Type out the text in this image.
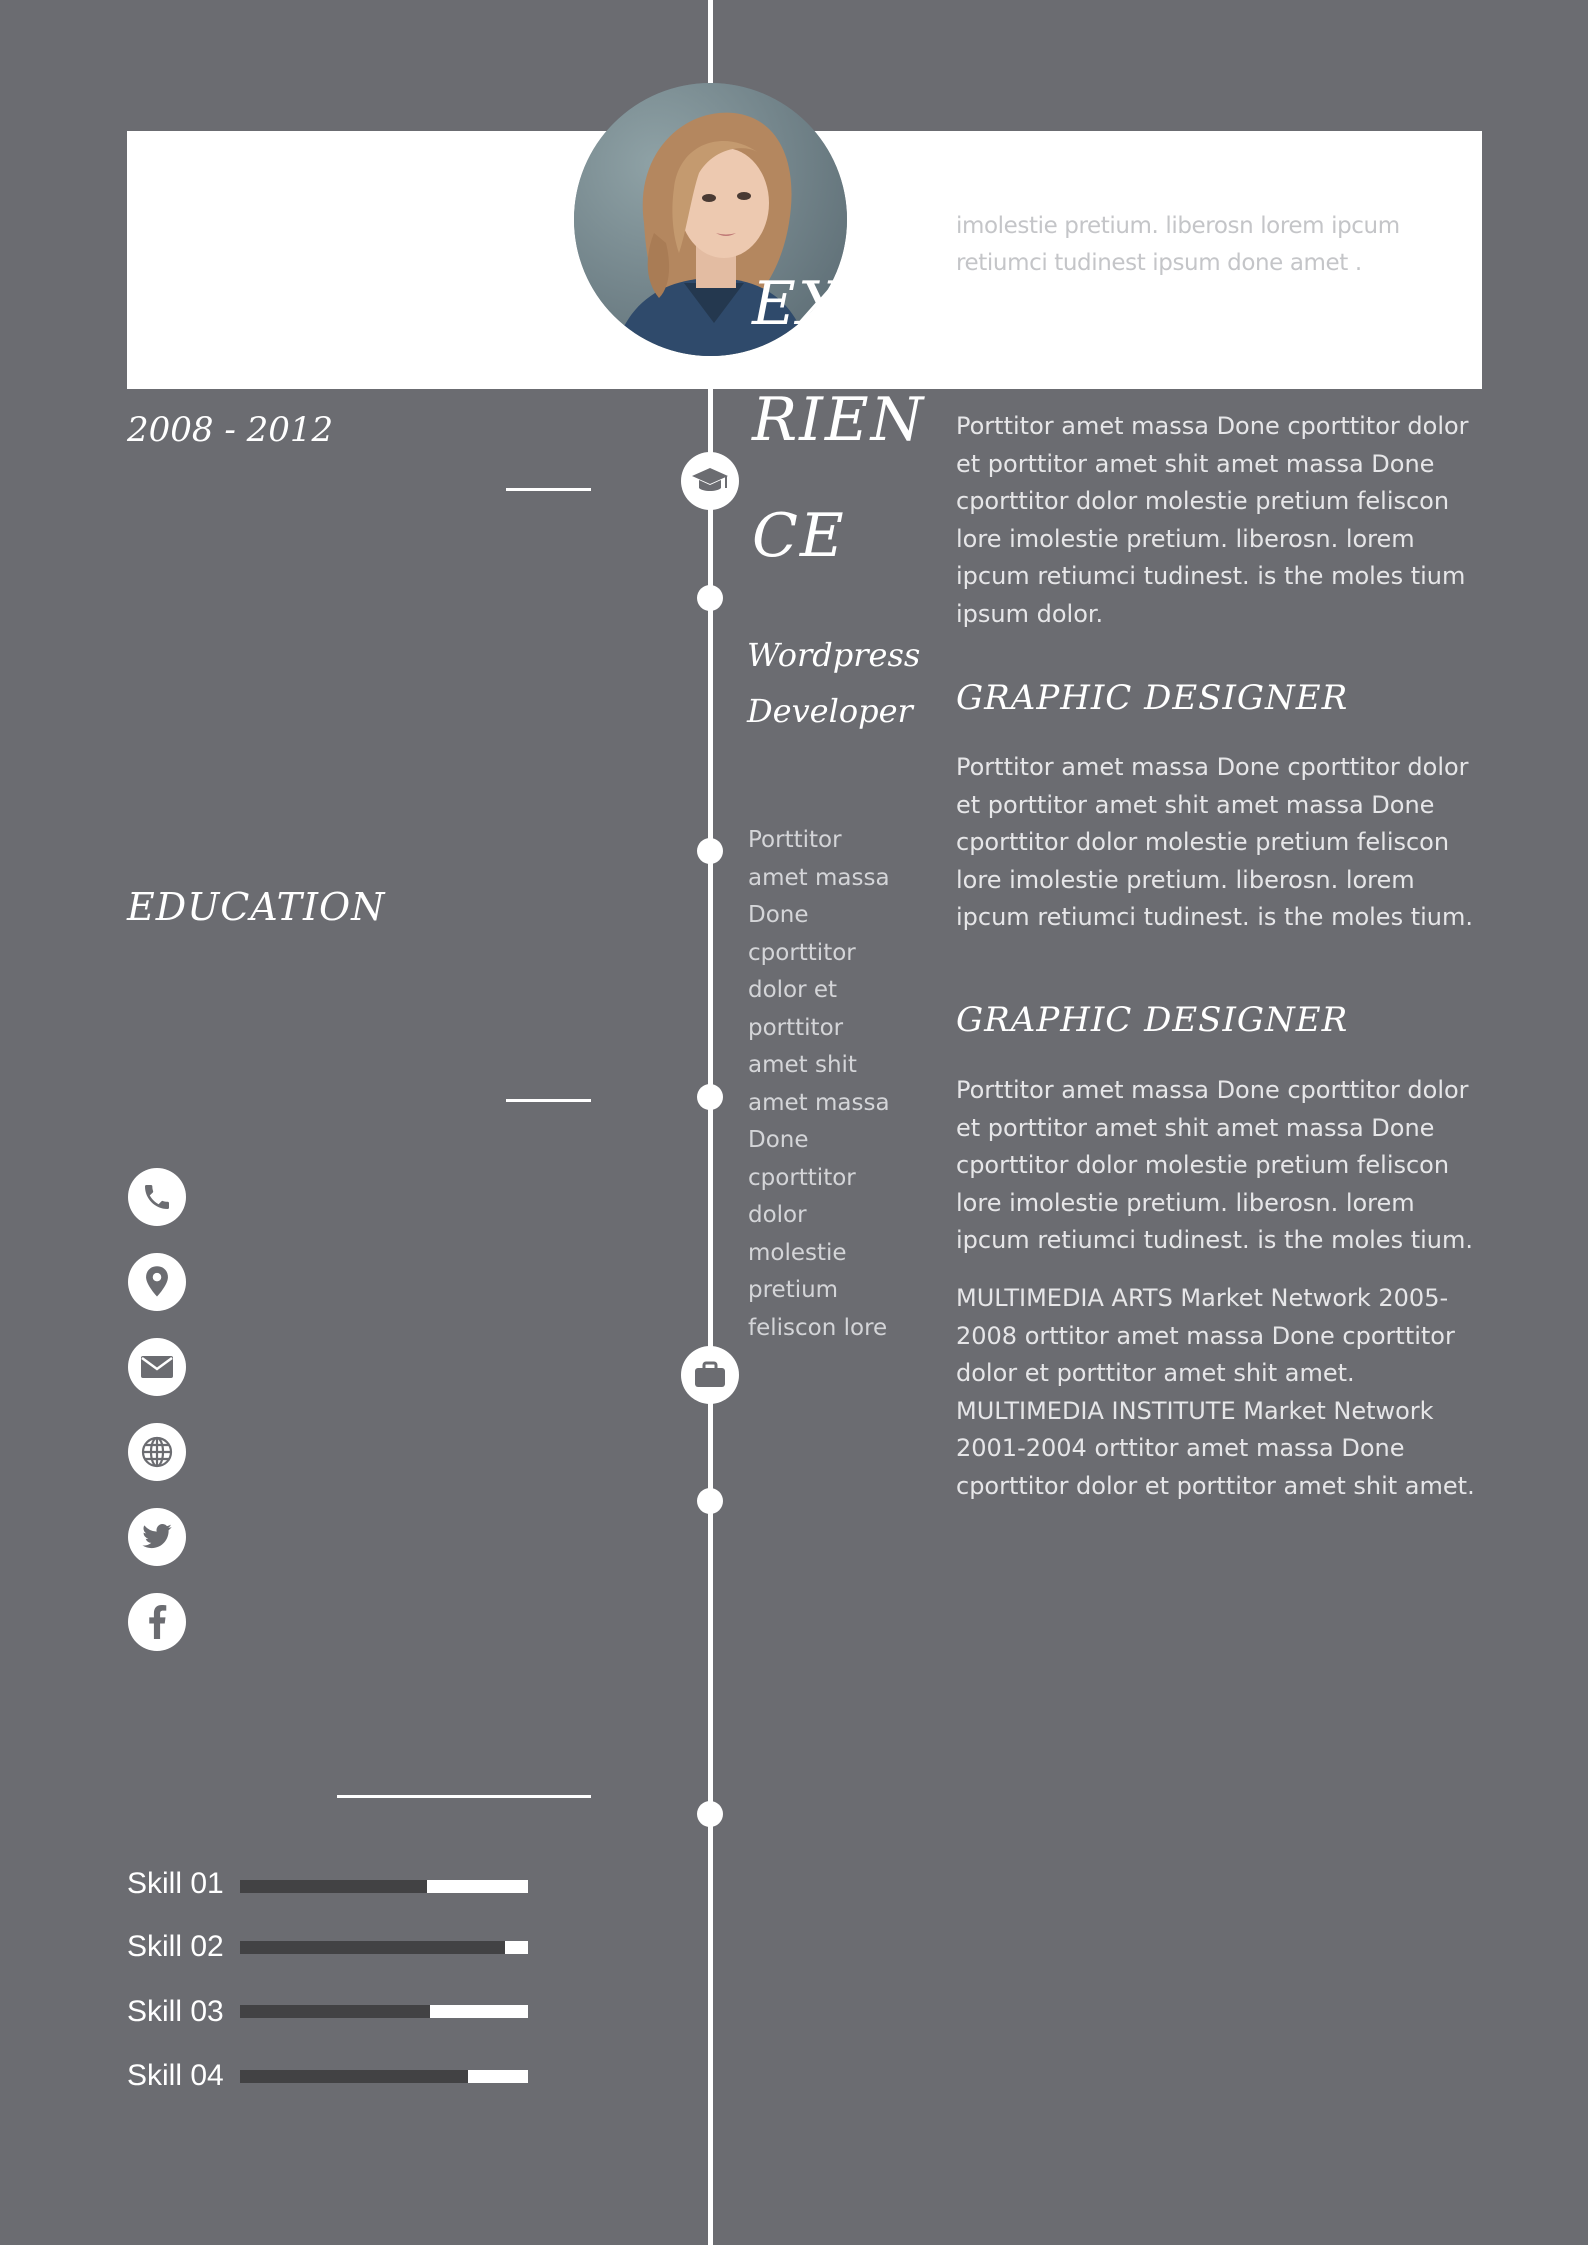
imolestie pretium. liberosn lorem ipcum retiumci tudinest ipsum done amet .
EXPERIENCE
Wordpress Developer
Porttitor amet massa Done cporttitor dolor et porttitor amet shit amet massa Done cporttitor dolor molestie pretium feliscon lore
Porttitor amet massa Done cporttitor dolor et porttitor amet shit amet massa Done cporttitor dolor molestie pretium feliscon lore imolestie pretium. liberosn. lorem ipcum retiumci tudinest. is the moles tium ipsum dolor.
GRAPHIC DESIGNER
Porttitor amet massa Done cporttitor dolor et porttitor amet shit amet massa Done cporttitor dolor molestie pretium feliscon lore imolestie pretium. liberosn. lorem ipcum retiumci tudinest. is the moles tium.
GRAPHIC DESIGNER
Porttitor amet massa Done cporttitor dolor et porttitor amet shit amet massa Done cporttitor dolor molestie pretium feliscon lore imolestie pretium. liberosn. lorem ipcum retiumci tudinest. is the moles tium.
MULTIMEDIA ARTS Market Network 2005-2008 orttitor amet massa Done cporttitor dolor et porttitor amet shit amet. MULTIMEDIA INSTITUTE Market Network 2001-2004 orttitor amet massa Done cporttitor dolor et porttitor amet shit amet.
2008 - 2012
EDUCATION
Skill 01
Skill 02
Skill 03
Skill 04
